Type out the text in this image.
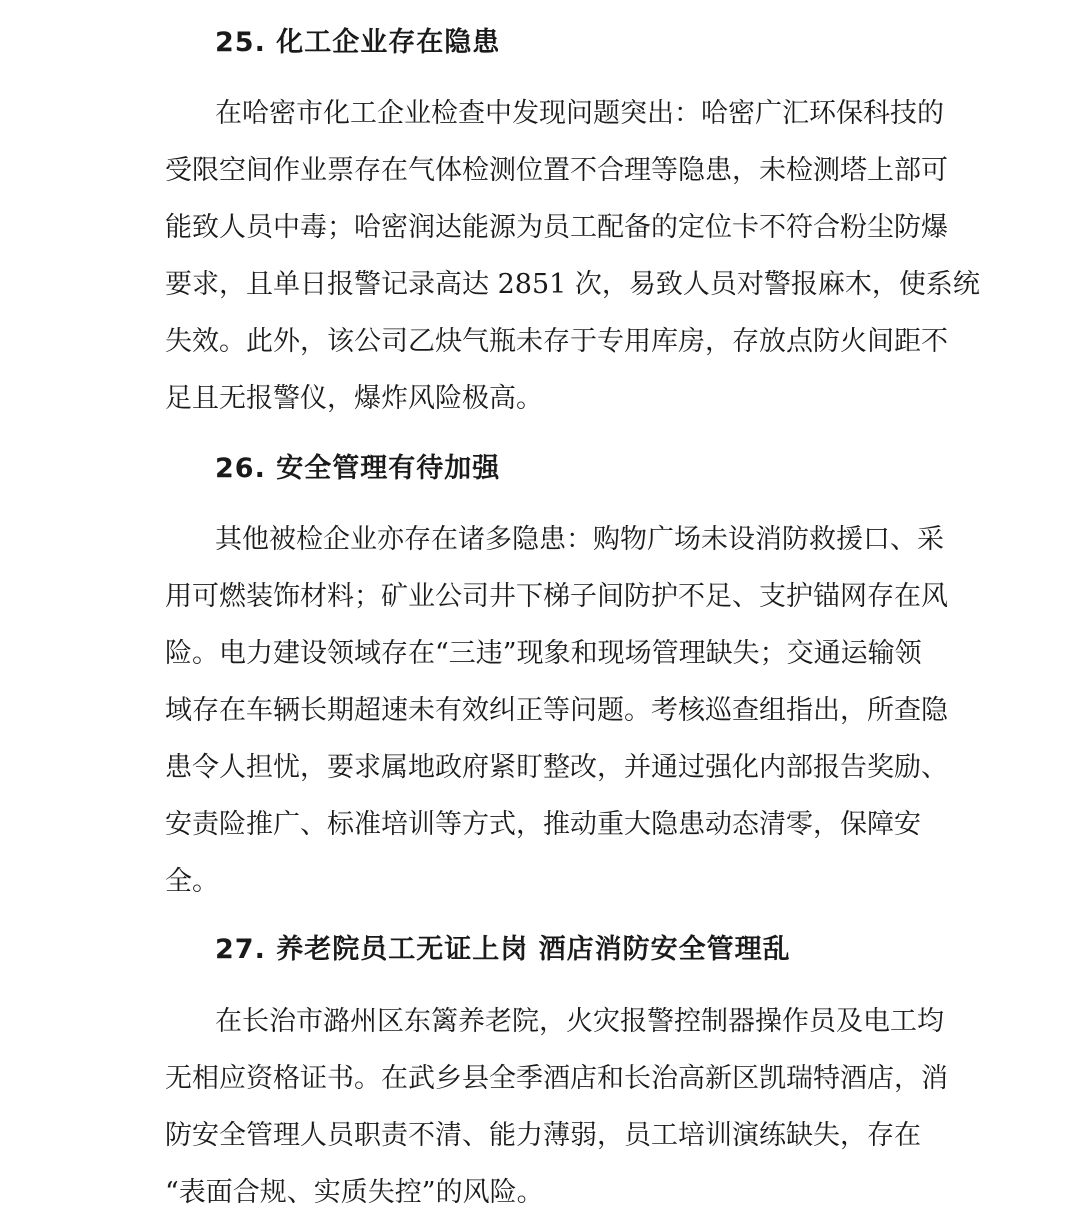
25. 化工企业存在隐患
在哈密市化工企业检查中发现问题突出：哈密广汇环保科技的
受限空间作业票存在气体检测位置不合理等隐患，未检测塔上部可
能致人员中毒；哈密润达能源为员工配备的定位卡不符合粉尘防爆
要求，且单日报警记录高达 2851 次，易致人员对警报麻木，使系统
失效。此外，该公司乙炔气瓶未存于专用库房，存放点防火间距不
足且无报警仪，爆炸风险极高。
26. 安全管理有待加强
其他被检企业亦存在诸多隐患：购物广场未设消防救援口、采
用可燃装饰材料；矿业公司井下梯子间防护不足、支护锚网存在风
险。电力建设领域存在“三违”现象和现场管理缺失；交通运输领
域存在车辆长期超速未有效纠正等问题。考核巡查组指出，所查隐
患令人担忧，要求属地政府紧盯整改，并通过强化内部报告奖励、
安责险推广、标准培训等方式，推动重大隐患动态清零，保障安
全。
27. 养老院员工无证上岗 酒店消防安全管理乱
在长治市潞州区东篱养老院，火灾报警控制器操作员及电工均
无相应资格证书。在武乡县全季酒店和长治高新区凯瑞特酒店，消
防安全管理人员职责不清、能力薄弱，员工培训演练缺失，存在
“表面合规、实质失控”的风险。
